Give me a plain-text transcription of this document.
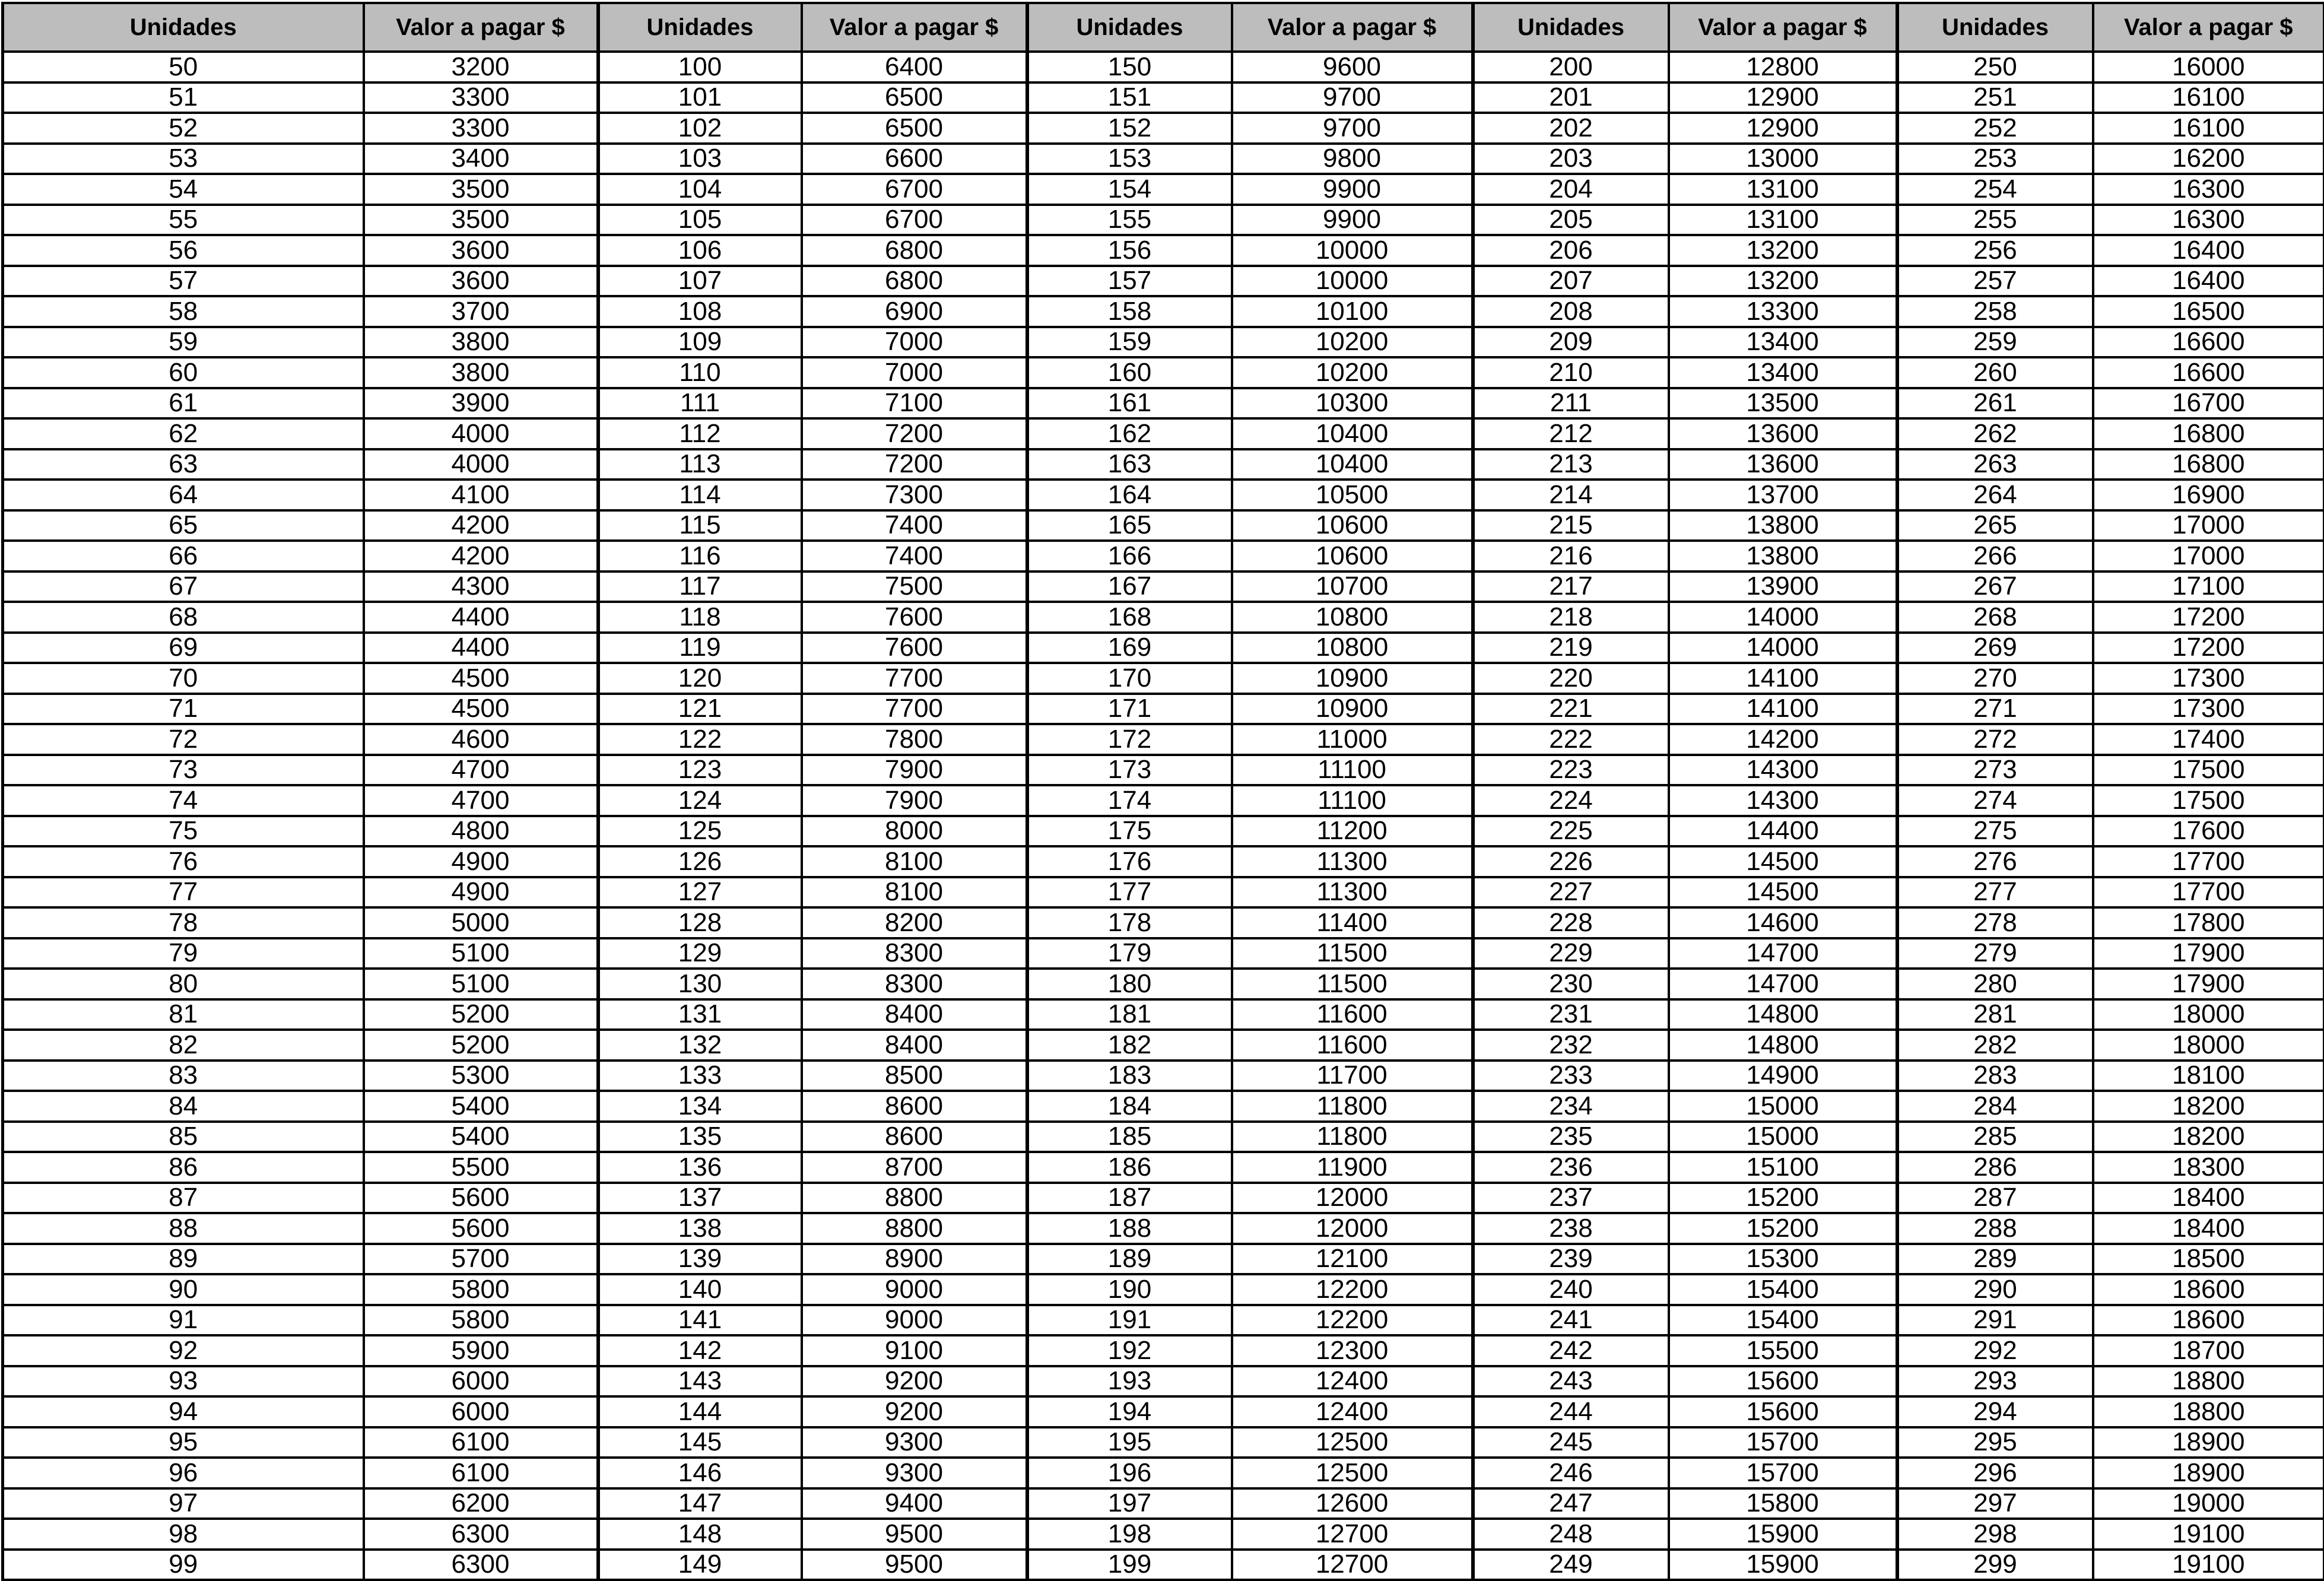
Unidades	Valor a pagar $	Unidades	Valor a pagar $	Unidades	Valor a pagar $	Unidades	Valor a pagar $	Unidades	Valor a pagar $
50	3200	100	6400	150	9600	200	12800	250	16000
51	3300	101	6500	151	9700	201	12900	251	16100
52	3300	102	6500	152	9700	202	12900	252	16100
53	3400	103	6600	153	9800	203	13000	253	16200
54	3500	104	6700	154	9900	204	13100	254	16300
55	3500	105	6700	155	9900	205	13100	255	16300
56	3600	106	6800	156	10000	206	13200	256	16400
57	3600	107	6800	157	10000	207	13200	257	16400
58	3700	108	6900	158	10100	208	13300	258	16500
59	3800	109	7000	159	10200	209	13400	259	16600
60	3800	110	7000	160	10200	210	13400	260	16600
61	3900	111	7100	161	10300	211	13500	261	16700
62	4000	112	7200	162	10400	212	13600	262	16800
63	4000	113	7200	163	10400	213	13600	263	16800
64	4100	114	7300	164	10500	214	13700	264	16900
65	4200	115	7400	165	10600	215	13800	265	17000
66	4200	116	7400	166	10600	216	13800	266	17000
67	4300	117	7500	167	10700	217	13900	267	17100
68	4400	118	7600	168	10800	218	14000	268	17200
69	4400	119	7600	169	10800	219	14000	269	17200
70	4500	120	7700	170	10900	220	14100	270	17300
71	4500	121	7700	171	10900	221	14100	271	17300
72	4600	122	7800	172	11000	222	14200	272	17400
73	4700	123	7900	173	11100	223	14300	273	17500
74	4700	124	7900	174	11100	224	14300	274	17500
75	4800	125	8000	175	11200	225	14400	275	17600
76	4900	126	8100	176	11300	226	14500	276	17700
77	4900	127	8100	177	11300	227	14500	277	17700
78	5000	128	8200	178	11400	228	14600	278	17800
79	5100	129	8300	179	11500	229	14700	279	17900
80	5100	130	8300	180	11500	230	14700	280	17900
81	5200	131	8400	181	11600	231	14800	281	18000
82	5200	132	8400	182	11600	232	14800	282	18000
83	5300	133	8500	183	11700	233	14900	283	18100
84	5400	134	8600	184	11800	234	15000	284	18200
85	5400	135	8600	185	11800	235	15000	285	18200
86	5500	136	8700	186	11900	236	15100	286	18300
87	5600	137	8800	187	12000	237	15200	287	18400
88	5600	138	8800	188	12000	238	15200	288	18400
89	5700	139	8900	189	12100	239	15300	289	18500
90	5800	140	9000	190	12200	240	15400	290	18600
91	5800	141	9000	191	12200	241	15400	291	18600
92	5900	142	9100	192	12300	242	15500	292	18700
93	6000	143	9200	193	12400	243	15600	293	18800
94	6000	144	9200	194	12400	244	15600	294	18800
95	6100	145	9300	195	12500	245	15700	295	18900
96	6100	146	9300	196	12500	246	15700	296	18900
97	6200	147	9400	197	12600	247	15800	297	19000
98	6300	148	9500	198	12700	248	15900	298	19100
99	6300	149	9500	199	12700	249	15900	299	19100
